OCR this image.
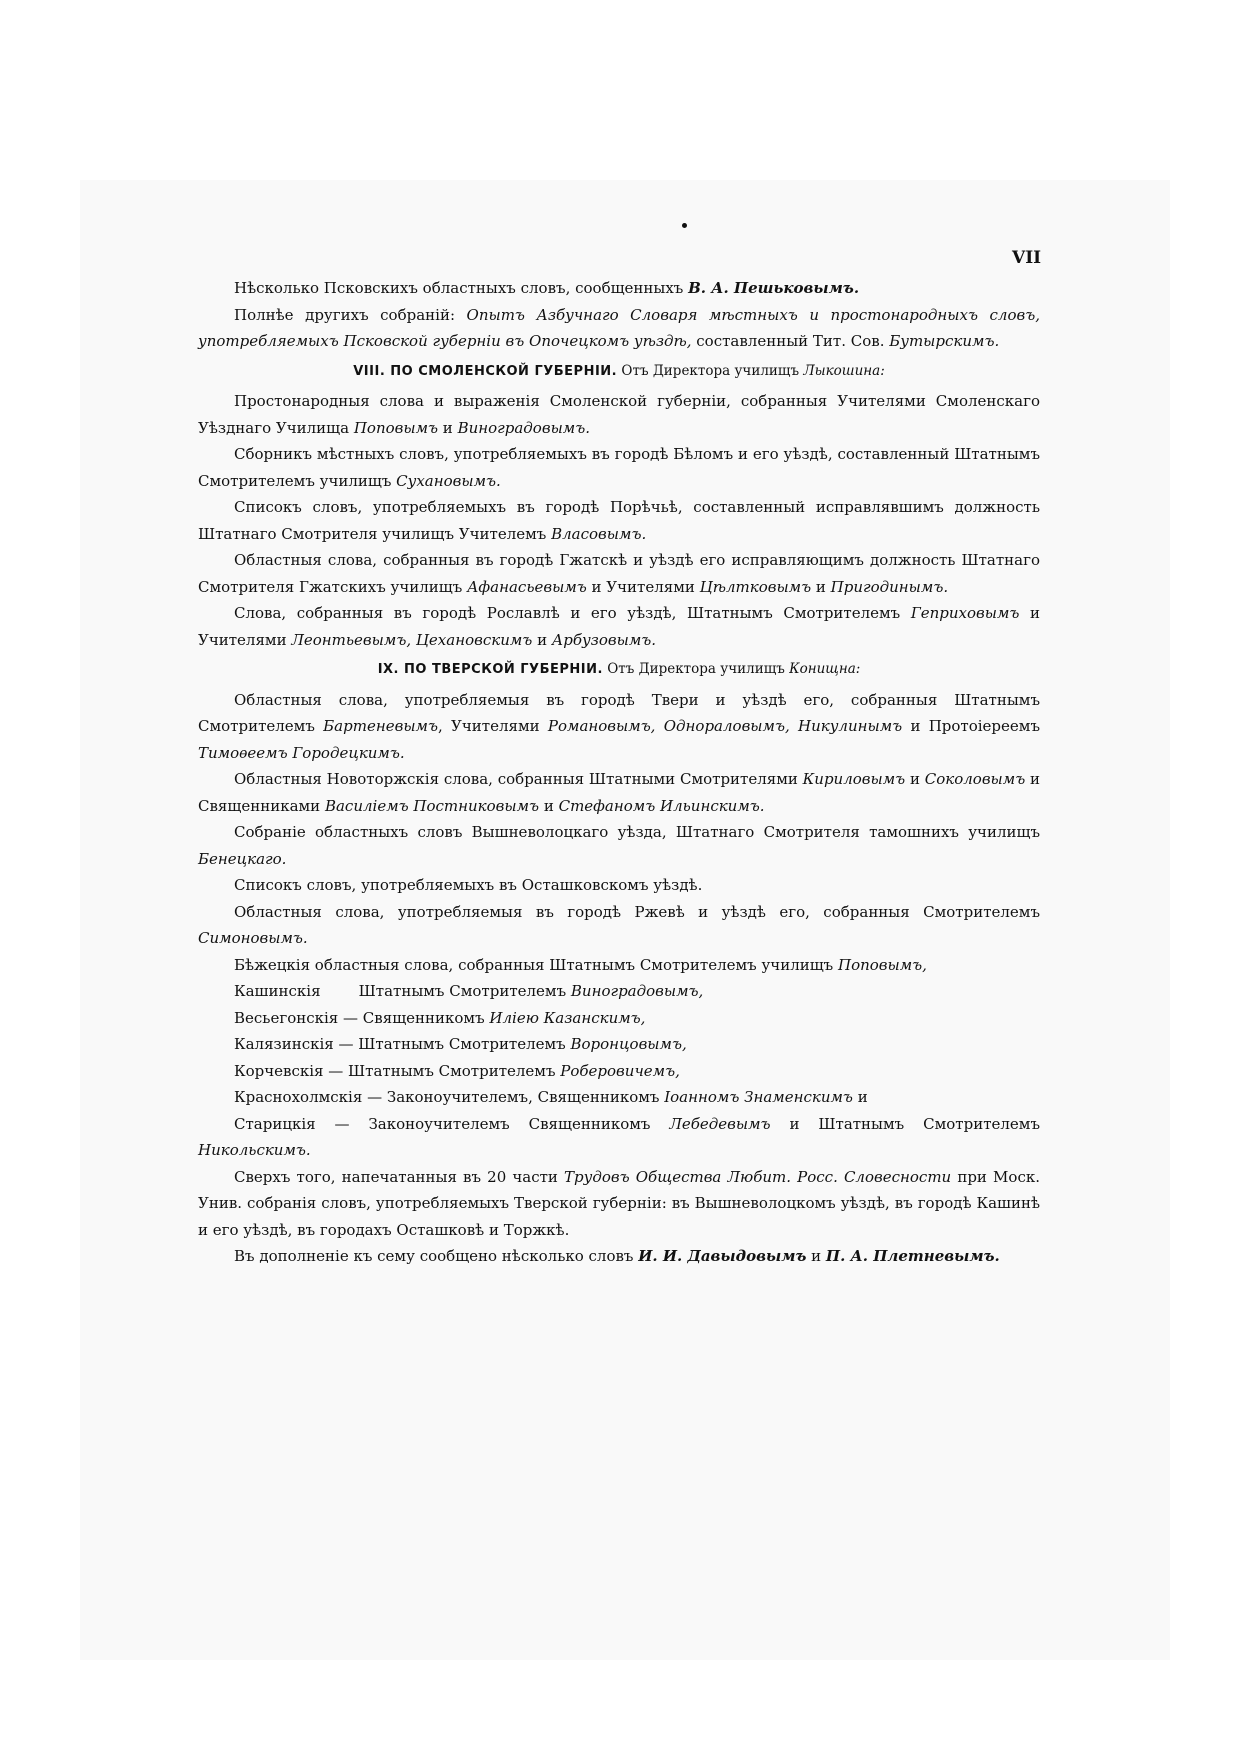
VII

Нѣсколько Псковскихъ областныхъ словъ, сообщенныхъ В. А. Пешьковымъ.

Полнѣе другихъ собраній: Опытъ Азбучнаго Словаря мѣстныхъ и простонародныхъ словъ, употребляемыхъ Псковской губерніи въ Опочецкомъ уѣздѣ, составленный Тит. Сов. Бутырскимъ.

VIII. ПО СМОЛЕНСКОЙ ГУБЕРНІИ. Отъ Директора училищъ Лыкошина:

Простонародныя слова и выраженія Смоленской губерніи, собранныя Учителями Смоленскаго Уѣзднаго Училища Поповымъ и Виноградовымъ.

Сборникъ мѣстныхъ словъ, употребляемыхъ въ городѣ Бѣломъ и его уѣздѣ, составленный Штатнымъ Смотрителемъ училищъ Сухановымъ.

Списокъ словъ, употребляемыхъ въ городѣ Порѣчьѣ, составленный исправлявшимъ должность Штатнаго Смотрителя училищъ Учителемъ Власовымъ.

Областныя слова, собранныя въ городѣ Гжатскѣ и уѣздѣ его исправляющимъ должность Штатнаго Смотрителя Гжатскихъ училищъ Афанасьевымъ и Учителями Цѣлтковымъ и Пригодинымъ.

Слова, собранныя въ городѣ Рославлѣ и его уѣздѣ, Штатнымъ Смотрителемъ Геприховымъ и Учителями Леонтьевымъ, Цехановскимъ и Арбузовымъ.

IX. ПО ТВЕРСКОЙ ГУБЕРНІИ. Отъ Директора училищъ Конищна:

Областныя слова, употребляемыя въ городѣ Твери и уѣздѣ его, собранныя Штатнымъ Смотрителемъ Бартеневымъ, Учителями Романовымъ, Однораловымъ, Никулинымъ и Протоіереемъ Тимоѳеемъ Городецкимъ.

Областныя Новоторжскія слова, собранныя Штатными Смотрителями Кириловымъ и Соколовымъ и Священниками Василіемъ Постниковымъ и Стефаномъ Ильинскимъ.

Собраніе областныхъ словъ Вышневолоцкаго уѣзда, Штатнаго Смотрителя тамошнихъ училищъ Бенецкаго.

Списокъ словъ, употребляемыхъ въ Осташковскомъ уѣздѣ.

Областныя слова, употребляемыя въ городѣ Ржевѣ и уѣздѣ его, собранныя Смотрителемъ Симоновымъ.

Бѣжецкія областныя слова, собранныя Штатнымъ Смотрителемъ училищъ Поповымъ,

Кашинскія        Штатнымъ Смотрителемъ Виноградовымъ,

Весьегонскія — Священникомъ Иліею Казанскимъ,

Калязинскія — Штатнымъ Смотрителемъ Воронцовымъ,

Корчевскія — Штатнымъ Смотрителемъ Роберовичемъ,

Краснохолмскія — Законоучителемъ, Священникомъ Іоанномъ Знаменскимъ и

Старицкія — Законоучителемъ Священникомъ Лебедевымъ и Штатнымъ Смотрителемъ Никольскимъ.

Сверхъ того, напечатанныя въ 20 части Трудовъ Общества Любит. Росс. Словесности при Моск. Унив. собранія словъ, употребляемыхъ Тверской губерніи: въ Вышневолоцкомъ уѣздѣ, въ городѣ Кашинѣ и его уѣздѣ, въ городахъ Осташковѣ и Торжкѣ.

Въ дополненіе къ сему сообщено нѣсколько словъ И. И. Давыдовымъ и П. А. Плетневымъ.
